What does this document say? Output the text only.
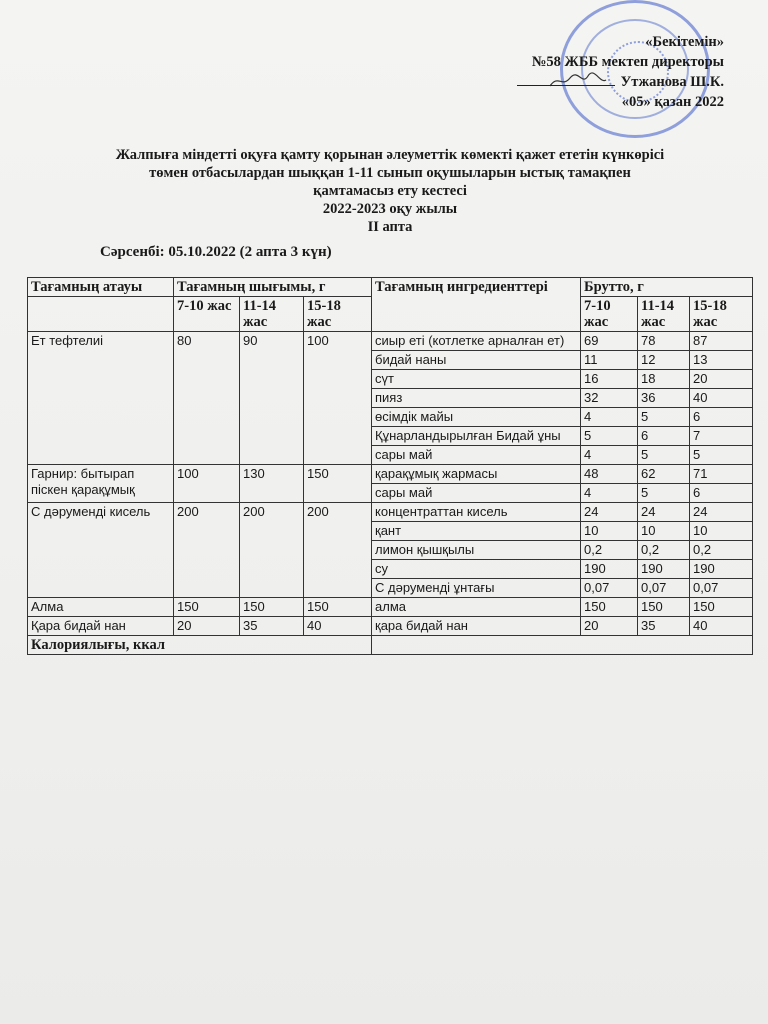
«Бекітемін»
№58 ЖББ мектеп директоры
Утжанова Ш.К.
«05» қазан 2022
Жалпыға міндетті оқуға қамту қорынан әлеуметтік көмекті қажет ететін күнкөрісі
төмен отбасылардан шыққан 1-11 сынып оқушыларын ыстық тамақпен
қамтамасыз ету кестесі
2022-2023 оқу жылы
ІІ апта
Сәрсенбі: 05.10.2022 (2 апта 3 күн)
Тағамның атауы	Тағамның шығымы, г			Тағамның ингредиенттері	Брутто, г		
	7-10 жас	11-14 жас	15-18 жас		7-10 жас	11-14 жас	15-18 жас
Ет тефтелиі	80	90	100	сиыр еті (котлетке арналған ет)	69	78	87
				бидай наны	11	12	13
				сүт	16	18	20
				пияз	32	36	40
				өсімдік майы	4	5	6
				Құнарландырылған Бидай ұны	5	6	7
				сары май	4	5	5
Гарнир: бытырап піскен қарақұмық	100	130	150	қарақұмық жармасы	48	62	71
				сары май	4	5	6
С дәруменді кисель	200	200	200	концентраттан кисель	24	24	24
				қант	10	10	10
				лимон қышқылы	0,2	0,2	0,2
				су	190	190	190
				С дәруменді ұнтағы	0,07	0,07	0,07
Алма	150	150	150	алма	150	150	150
Қара бидай нан	20	35	40	қара бидай нан	20	35	40
Калориялығы, ккал							
